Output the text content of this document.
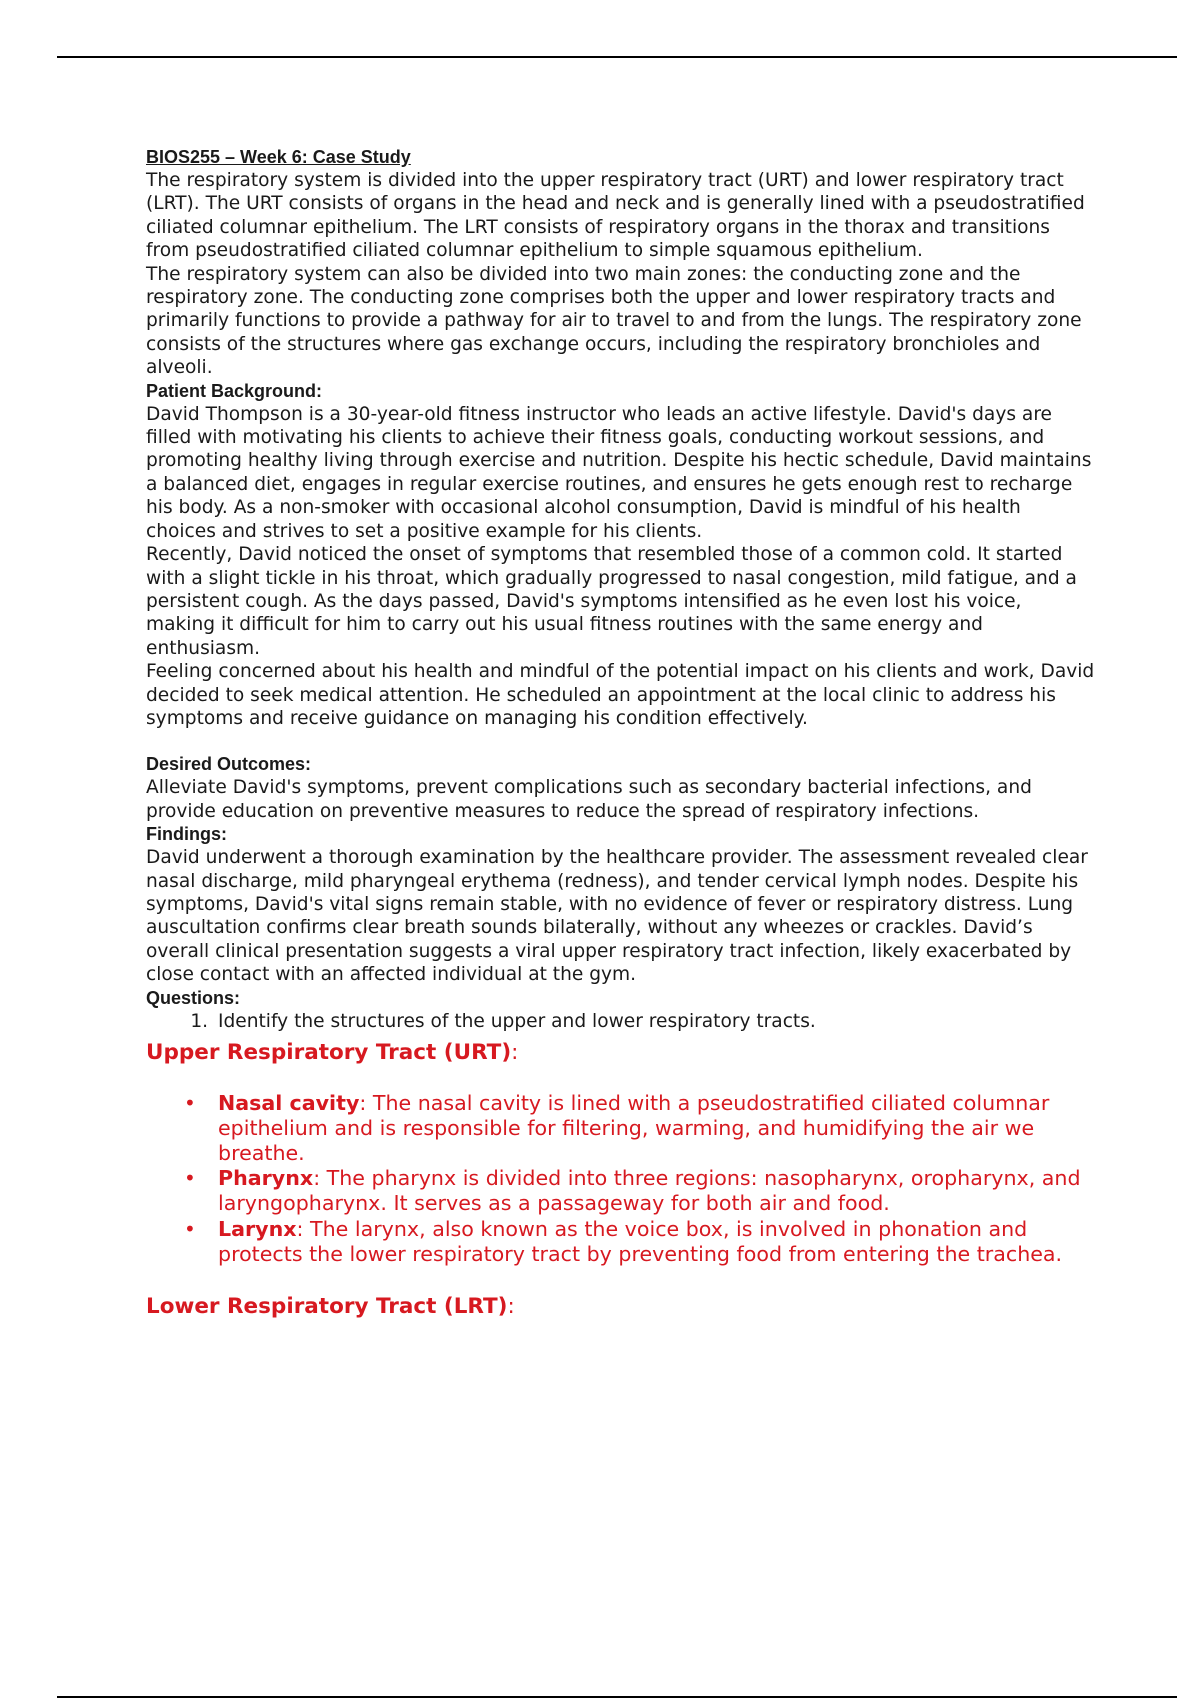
BIOS255 – Week 6: Case Study

The respiratory system is divided into the upper respiratory tract (URT) and lower respiratory tract (LRT). The URT consists of organs in the head and neck and is generally lined with a pseudostratified ciliated columnar epithelium. The LRT consists of respiratory organs in the thorax and transitions from pseudostratified ciliated columnar epithelium to simple squamous epithelium.

The respiratory system can also be divided into two main zones: the conducting zone and the respiratory zone. The conducting zone comprises both the upper and lower respiratory tracts and primarily functions to provide a pathway for air to travel to and from the lungs. The respiratory zone consists of the structures where gas exchange occurs, including the respiratory bronchioles and alveoli.

Patient Background:

David Thompson is a 30-year-old fitness instructor who leads an active lifestyle. David's days are filled with motivating his clients to achieve their fitness goals, conducting workout sessions, and promoting healthy living through exercise and nutrition. Despite his hectic schedule, David maintains a balanced diet, engages in regular exercise routines, and ensures he gets enough rest to recharge his body. As a non-smoker with occasional alcohol consumption, David is mindful of his health choices and strives to set a positive example for his clients.

Recently, David noticed the onset of symptoms that resembled those of a common cold. It started with a slight tickle in his throat, which gradually progressed to nasal congestion, mild fatigue, and a persistent cough. As the days passed, David's symptoms intensified as he even lost his voice, making it difficult for him to carry out his usual fitness routines with the same energy and enthusiasm.

Feeling concerned about his health and mindful of the potential impact on his clients and work, David decided to seek medical attention. He scheduled an appointment at the local clinic to address his symptoms and receive guidance on managing his condition effectively.

Desired Outcomes:

Alleviate David's symptoms, prevent complications such as secondary bacterial infections, and provide education on preventive measures to reduce the spread of respiratory infections.

Findings:

David underwent a thorough examination by the healthcare provider. The assessment revealed clear nasal discharge, mild pharyngeal erythema (redness), and tender cervical lymph nodes. Despite his symptoms, David's vital signs remain stable, with no evidence of fever or respiratory distress. Lung auscultation confirms clear breath sounds bilaterally, without any wheezes or crackles. David’s overall clinical presentation suggests a viral upper respiratory tract infection, likely exacerbated by close contact with an affected individual at the gym.

Questions:
1. Identify the structures of the upper and lower respiratory tracts.
Upper Respiratory Tract (URT):
• Nasal cavity: The nasal cavity is lined with a pseudostratified ciliated columnar epithelium and is responsible for filtering, warming, and humidifying the air we breathe.
• Pharynx: The pharynx is divided into three regions: nasopharynx, oropharynx, and laryngopharynx. It serves as a passageway for both air and food.
• Larynx: The larynx, also known as the voice box, is involved in phonation and protects the lower respiratory tract by preventing food from entering the trachea.
Lower Respiratory Tract (LRT):
